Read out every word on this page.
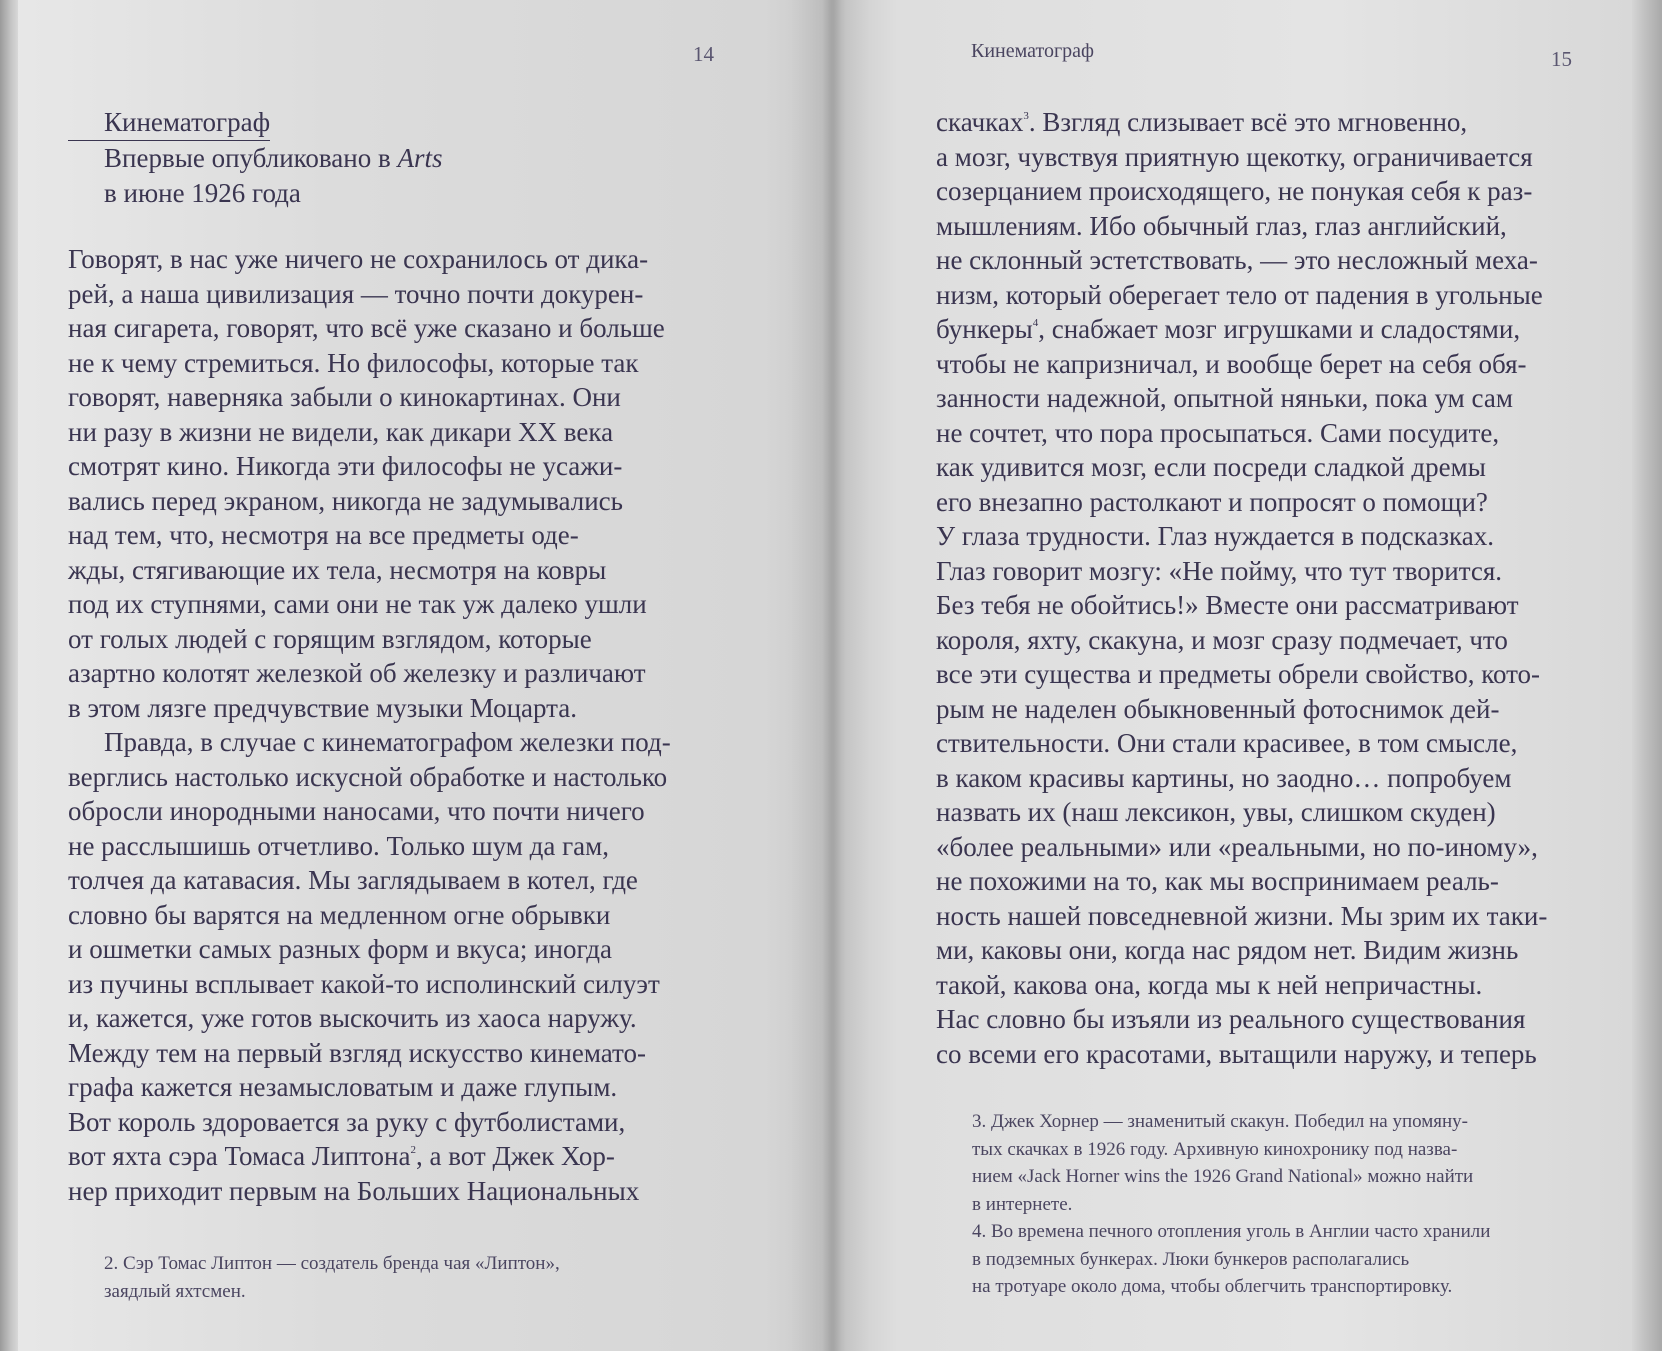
14
Кинематограф
Впервые опубликовано в Arts
в июне 1926 года
Говорят, в нас уже ничего не сохранилось от дика-
рей, а наша цивилизация — точно почти докурен-
ная сигарета, говорят, что всё уже сказано и больше
не к чему стремиться. Но философы, которые так
говорят, наверняка забыли о кинокартинах. Они
ни разу в жизни не видели, как дикари XX века
смотрят кино. Никогда эти философы не усажи-
вались перед экраном, никогда не задумывались
над тем, что, несмотря на все предметы оде-
жды, стягивающие их тела, несмотря на ковры
под их ступнями, сами они не так уж далеко ушли
от голых людей с горящим взглядом, которые
азартно колотят железкой об железку и различают
в этом лязге предчувствие музыки Моцарта.
Правда, в случае с кинематографом железки под-
верглись настолько искусной обработке и настолько
обросли инородными наносами, что почти ничего
не расслышишь отчетливо. Только шум да гам,
толчея да катавасия. Мы заглядываем в котел, где
словно бы варятся на медленном огне обрывки
и ошметки самых разных форм и вкуса; иногда
из пучины всплывает какой-то исполинский силуэт
и, кажется, уже готов выскочить из хаоса наружу.
Между тем на первый взгляд искусство кинемато-
графа кажется незамысловатым и даже глупым.
Вот король здоровается за руку с футболистами,
вот яхта сэра Томаса Липтона$^2$, а вот Джек Хор-
нер приходит первым на Больших Национальных
2. Сэр Томас Липтон — создатель бренда чая «Липтон»,
заядлый яхтсмен.
Кинематограф	15
скачках$^3$. Взгляд слизывает всё это мгновенно,
а мозг, чувствуя приятную щекотку, ограничивается
созерцанием происходящего, не понукая себя к раз-
мышлениям. Ибо обычный глаз, глаз английский,
не склонный эстетствовать, — это несложный меха-
низм, который оберегает тело от падения в угольные
бункеры$^4$, снабжает мозг игрушками и сладостями,
чтобы не капризничал, и вообще берет на себя обя-
занности надежной, опытной няньки, пока ум сам
не сочтет, что пора просыпаться. Сами посудите,
как удивится мозг, если посреди сладкой дремы
его внезапно растолкают и попросят о помощи?
У глаза трудности. Глаз нуждается в подсказках.
Глаз говорит мозгу: «Не пойму, что тут творится.
Без тебя не обойтись!» Вместе они рассматривают
короля, яхту, скакуна, и мозг сразу подмечает, что
все эти существа и предметы обрели свойство, кото-
рым не наделен обыкновенный фотоснимок дей-
ствительности. Они стали красивее, в том смысле,
в каком красивы картины, но заодно… попробуем
назвать их (наш лексикон, увы, слишком скуден)
«более реальными» или «реальными, но по-иному»,
не похожими на то, как мы воспринимаем реаль-
ность нашей повседневной жизни. Мы зрим их таки-
ми, каковы они, когда нас рядом нет. Видим жизнь
такой, какова она, когда мы к ней непричастны.
Нас словно бы изъяли из реального существования
со всеми его красотами, вытащили наружу, и теперь
3. Джек Хорнер — знаменитый скакун. Победил на упомяну-
тых скачках в 1926 году. Архивную кинохронику под назва-
нием «Jack Horner wins the 1926 Grand National» можно найти
в интернете.
4. Во времена печного отопления уголь в Англии часто хранили
в подземных бункерах. Люки бункеров располагались
на тротуаре около дома, чтобы облегчить транспортировку.
